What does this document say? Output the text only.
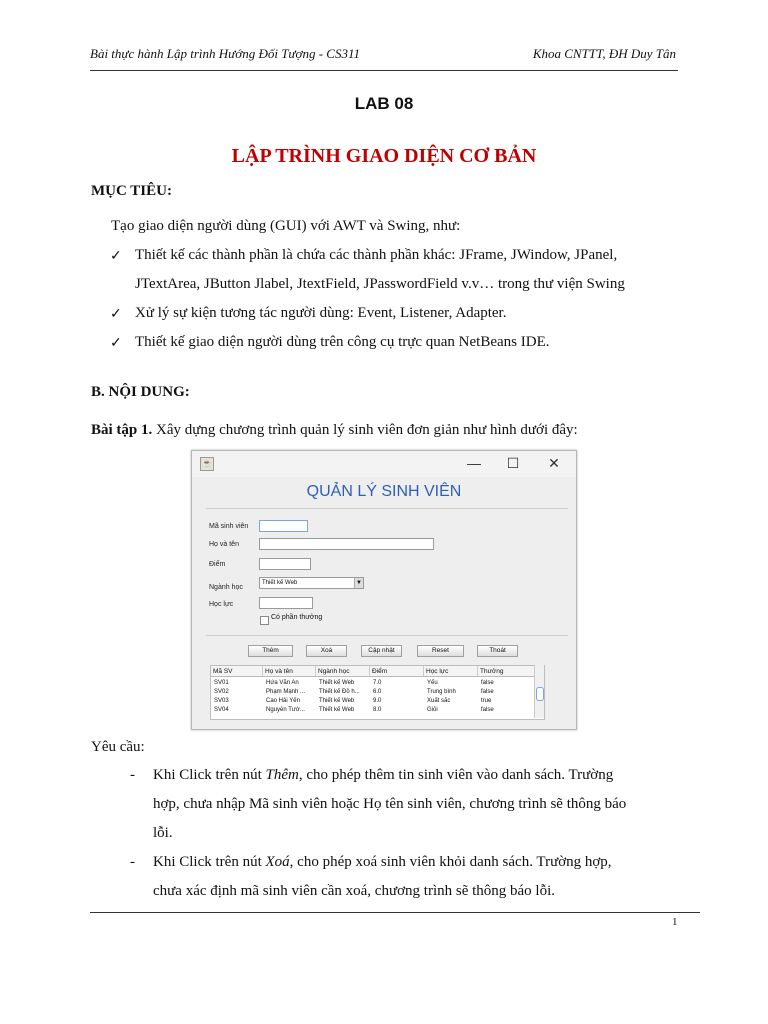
Bài thực hành Lập trình Hướng Đối Tượng - CS311	Khoa CNTTT, ĐH Duy Tân
LAB 08
LẬP TRÌNH GIAO DIỆN CƠ BẢN
MỤC TIÊU:
Tạo giao diện người dùng (GUI) với AWT và Swing, như:
✓ Thiết kế các thành phần là chứa các thành phần khác: JFrame, JWindow, JPanel,
JTextArea, JButton Jlabel, JtextField, JPasswordField v.v… trong thư viện Swing
✓ Xử lý sự kiện tương tác người dùng: Event, Listener, Adapter.
✓ Thiết kế giao diện người dùng trên công cụ trực quan NetBeans IDE.
B. NỘI DUNG:
Bài tập 1. Xây dựng chương trình quản lý sinh viên đơn giản như hình dưới đây:
☕	—	☐	✕
QUẢN LÝ SINH VIÊN
Mã sinh viên
Họ và tên
Điểm
Ngành học
Thiết kế Web	▼
Học lực
Có phần thưởng
Thêm	Xoá	Cập nhật	Reset	Thoát
Mã SV	Họ và tên	Ngành học	Điểm	Học lực	Thưởng
SV01	Hứa Văn An	Thiết kế Web	7.0	Yếu	false
SV02	Phạm Mạnh ...	Thiết kế Đồ h...	6.0	Trung bình	false
SV03	Cao Hải Yến	Thiết kế Web	9.0	Xuất sắc	true
SV04	Nguyễn Tườ...	Thiết kế Web	8.0	Giỏi	false
Yêu cầu:
- Khi Click trên nút Thêm, cho phép thêm tin sinh viên vào danh sách. Trường
hợp, chưa nhập Mã sinh viên hoặc Họ tên sinh viên, chương trình sẽ thông báo
lỗi.
- Khi Click trên nút Xoá, cho phép xoá sinh viên khỏi danh sách. Trường hợp,
chưa xác định mã sinh viên cần xoá, chương trình sẽ thông báo lỗi.
1
